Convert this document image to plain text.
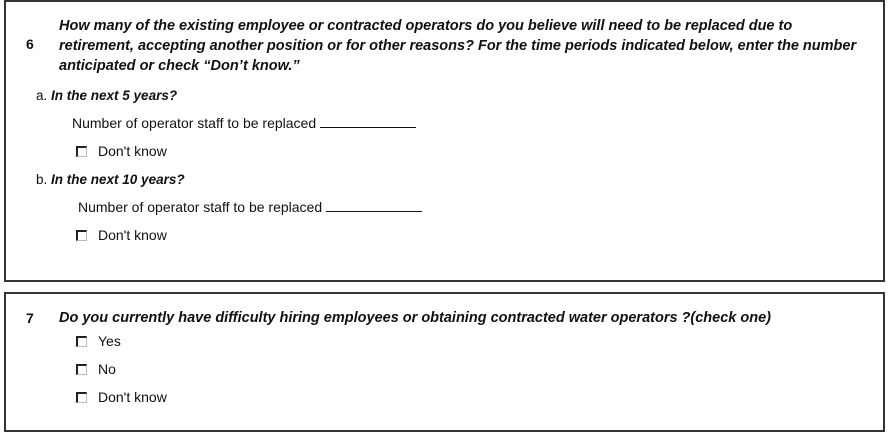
6
How many of the existing employee or contracted operators do you believe will need to be replaced due to retirement, accepting another position or for other reasons? For the time periods indicated below, enter the number anticipated or check “Don’t know.”
a. In the next 5 years?
Number of operator staff to be replaced
Don't know
b. In the next 10 years?
Number of operator staff to be replaced
Don't know
7 Do you currently have difficulty hiring employees or obtaining contracted water operators ?(check one)
Yes
No
Don't know
